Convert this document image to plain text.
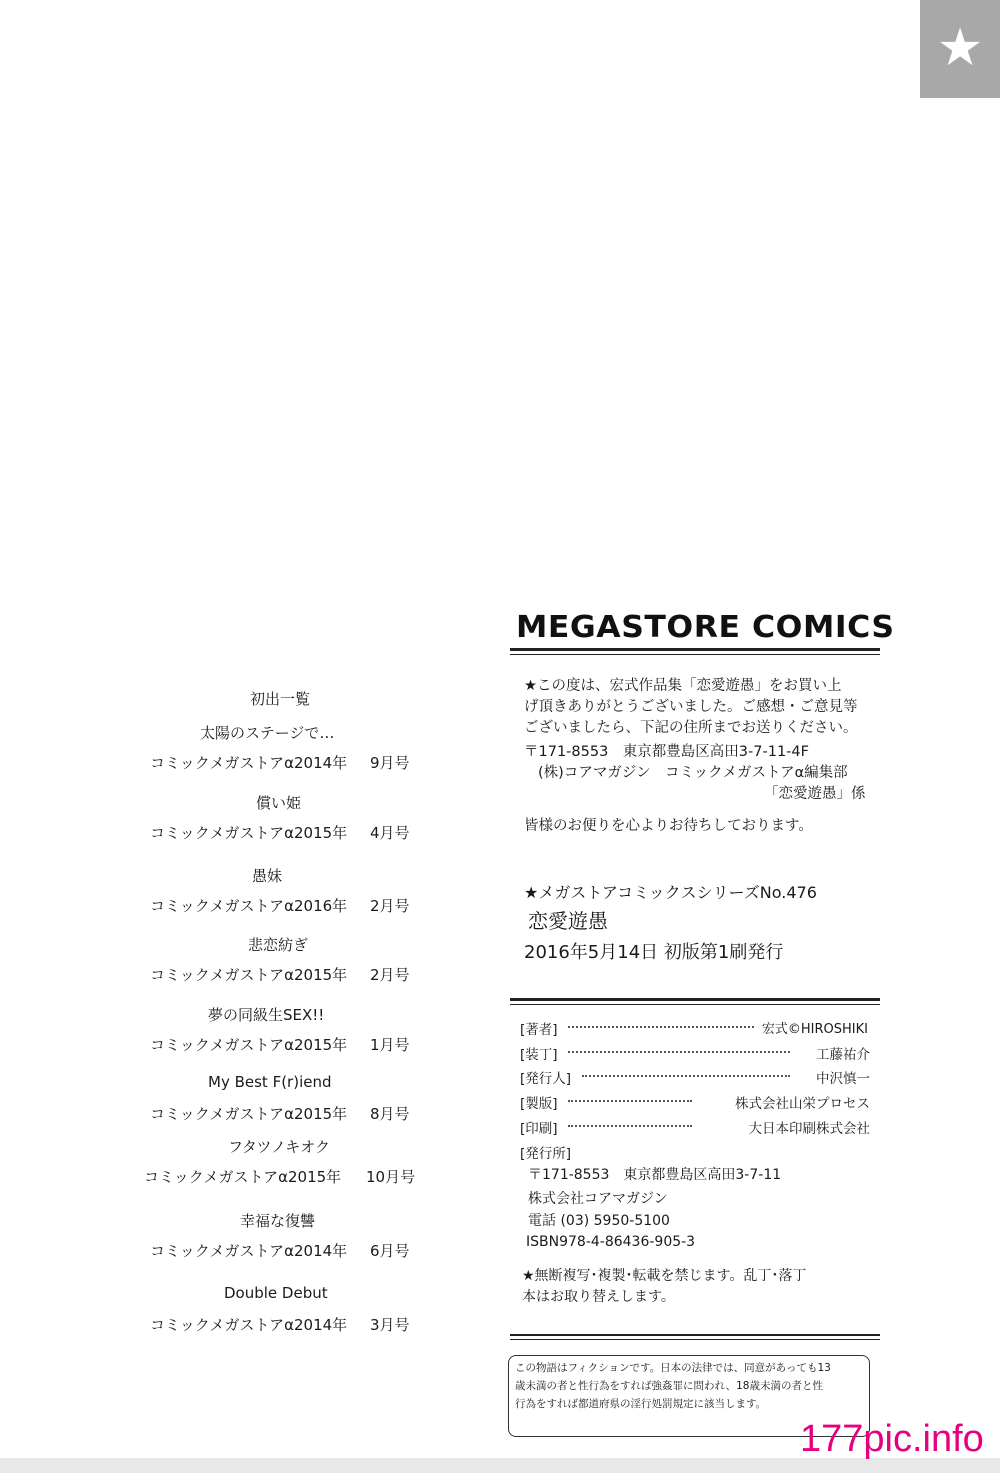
★
初出一覧
太陽のステージで…
コミックメガストアα2014年 9月号
償い姫
コミックメガストアα2015年 4月号
愚妹
コミックメガストアα2016年 2月号
悲恋紡ぎ
コミックメガストアα2015年 2月号
夢の同級生SEX!!
コミックメガストアα2015年 1月号
My Best F(r)iend
コミックメガストアα2015年 8月号
フタツノキオク
コミックメガストアα2015年 10月号
幸福な復讐
コミックメガストアα2014年 6月号
Double Debut
コミックメガストアα2014年 3月号
MEGASTORE COMICS
★この度は、宏式作品集「恋愛遊愚」をお買い上
げ頂きありがとうございました。ご感想・ご意見等
ございましたら、下記の住所までお送りください。
〒171-8553　東京都豊島区高田3-7-11-4F
(株)コアマガジン　コミックメガストアα編集部
「恋愛遊愚」係
皆様のお便りを心よりお待ちしております。
★メガストアコミックスシリーズNo.476
恋愛遊愚
2016年5月14日 初版第1刷発行
[著者]	宏式©HIROSHIKI
[装丁]	工藤祐介
[発行人]	中沢慎一
[製版]	株式会社山栄プロセス
[印刷]	大日本印刷株式会社
[発行所]
〒171-8553　東京都豊島区高田3-7-11
株式会社コアマガジン
電話 (03) 5950-5100
ISBN978-4-86436-905-3
★無断複写･複製･転載を禁じます。乱丁･落丁
本はお取り替えします。
この物語はフィクションです。日本の法律では、同意があっても13
歳未満の者と性行為をすれば強姦罪に問われ、18歳未満の者と性
行為をすれば都道府県の淫行処罰規定に該当します。
177pic.info
